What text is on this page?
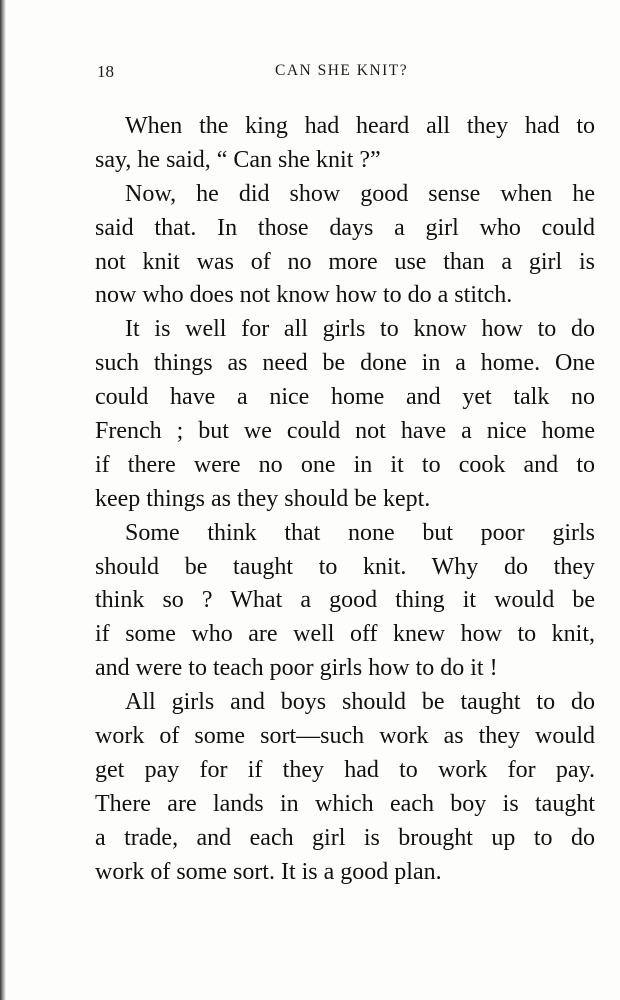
18	CAN SHE KNIT?
When the king had heard all they had to
say, he said, “ Can she knit ?”
Now, he did show good sense when he
said that. In those days a girl who could
not knit was of no more use than a girl is
now who does not know how to do a stitch.
It is well for all girls to know how to do
such things as need be done in a home. One
could have a nice home and yet talk no
French ; but we could not have a nice home
if there were no one in it to cook and to
keep things as they should be kept.
Some think that none but poor girls
should be taught to knit. Why do they
think so ? What a good thing it would be
if some who are well off knew how to knit,
and were to teach poor girls how to do it !
All girls and boys should be taught to do
work of some sort—such work as they would
get pay for if they had to work for pay.
There are lands in which each boy is taught
a trade, and each girl is brought up to do
work of some sort. It is a good plan.
